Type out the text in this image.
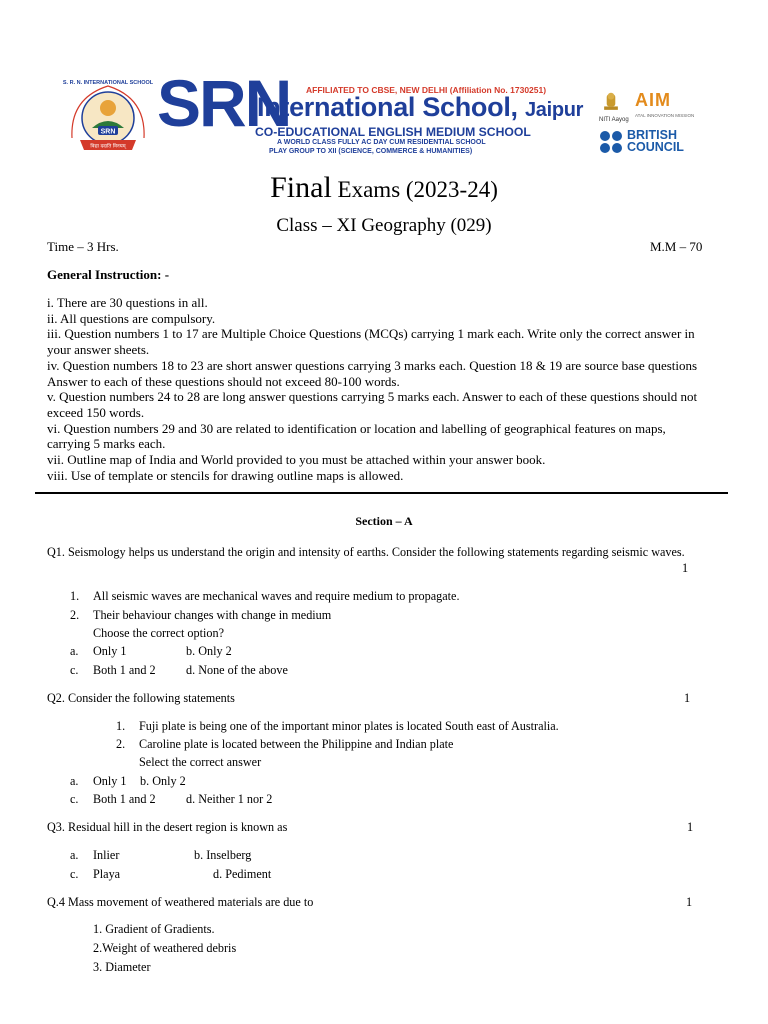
SRN
विद्या ददाति विनयम्
S. R. N. INTERNATIONAL SCHOOL SRN AFFILIATED TO CBSE, NEW DELHI (Affiliation No. 1730251)
International School, Jaipur
CO-EDUCATIONAL ENGLISH MEDIUM SCHOOL
A WORLD CLASS FULLY AC DAY CUM RESIDENTIAL SCHOOL
PLAY GROUP TO XII (SCIENCE, COMMERCE & HUMANITIES)
NITI Aayog
AIM
ATAL INNOVATION MISSION
BRITISH
COUNCIL
Final Exams (2023-24)
Class – XI Geography (029)
Time – 3 Hrs.	M.M – 70
General Instruction: -
i. There are 30 questions in all.
ii. All questions are compulsory.
iii. Question numbers 1 to 17 are Multiple Choice Questions (MCQs) carrying 1 mark each. Write only the correct answer in your answer sheets.
iv. Question numbers 18 to 23 are short answer questions carrying 3 marks each. Question 18 & 19 are source base questions Answer to each of these questions should not exceed 80-100 words.
v. Question numbers 24 to 28 are long answer questions carrying 5 marks each. Answer to each of these questions should not exceed 150 words.
vi. Question numbers 29 and 30 are related to identification or location and labelling of geographical features on maps, carrying 5 marks each.
vii. Outline map of India and World provided to you must be attached within your answer book.
viii. Use of template or stencils for drawing outline maps is allowed.
Section – A
Q1. Seismology helps us understand the origin and intensity of earths. Consider the following statements regarding seismic waves.
1
1. All seismic waves are mechanical waves and require medium to propagate.
2. Their behaviour changes with change in medium
Choose the correct option?
a. Only 1	b. Only 2
c. Both 1 and 2 d. None of the above
Q2. Consider the following statements	1
1. Fuji plate is being one of the important minor plates is located South east of Australia.
2. Caroline plate is located between the Philippine and Indian plate
Select the correct answer
a. Only 1 b. Only 2
c. Both 1 and 2 d. Neither 1 nor 2
Q3. Residual hill in the desert region is known as	1
a. Inlier	b. Inselberg
c. Playa	d. Pediment
Q.4 Mass movement of weathered materials are due to	1
1. Gradient of Gradients.
2.Weight of weathered debris
3. Diameter
